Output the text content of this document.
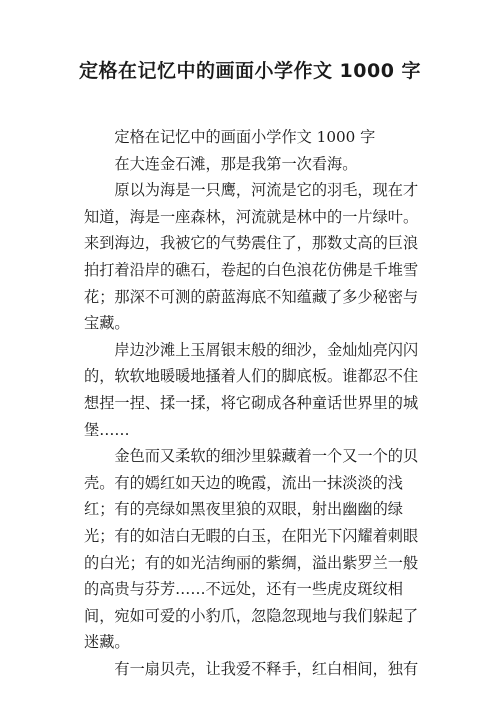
定格在记忆中的画面小学作文 1000 字

定格在记忆中的画面小学作文 1000 字

在大连金石滩，那是我第一次看海。

原以为海是一只鹰，河流是它的羽毛，现在才知道，海是一座森林，河流就是林中的一片绿叶。来到海边，我被它的气势震住了，那数丈高的巨浪拍打着沿岸的礁石，卷起的白色浪花仿佛是千堆雪花；那深不可测的蔚蓝海底不知蕴藏了多少秘密与宝藏。

岸边沙滩上玉屑银末般的细沙，金灿灿亮闪闪的，软软地暖暖地搔着人们的脚底板。谁都忍不住想捏一捏、揉一揉，将它砌成各种童话世界里的城堡……

金色而又柔软的细沙里躲藏着一个又一个的贝壳。有的嫣红如天边的晚霞，流出一抹淡淡的浅红；有的亮绿如黑夜里狼的双眼，射出幽幽的绿光；有的如洁白无暇的白玉，在阳光下闪耀着刺眼的白光；有的如光洁绚丽的紫绸，溢出紫罗兰一般的高贵与芬芳……不远处，还有一些虎皮斑纹相间，宛如可爱的小豹爪，忽隐忽现地与我们躲起了迷藏。

有一扇贝壳，让我爱不释手，红白相间，独有
